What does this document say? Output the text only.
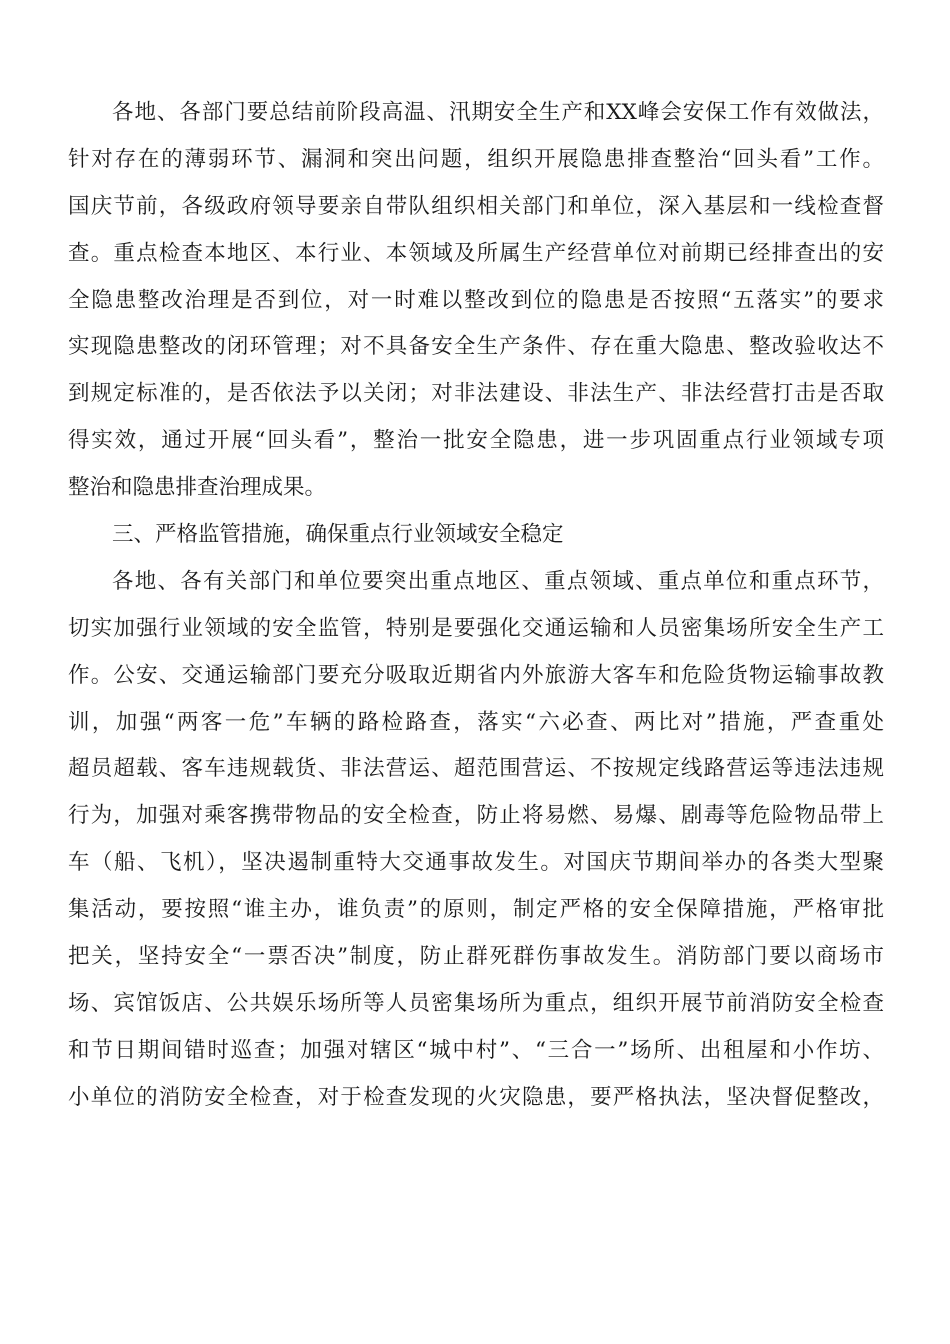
各地、各部门要总结前阶段高温、汛期安全生产和XX峰会安保工作有效做法，
针对存在的薄弱环节、漏洞和突出问题，组织开展隐患排查整治“回头看”工作。
国庆节前，各级政府领导要亲自带队组织相关部门和单位，深入基层和一线检查督
查。重点检查本地区、本行业、本领域及所属生产经营单位对前期已经排查出的安
全隐患整改治理是否到位，对一时难以整改到位的隐患是否按照“五落实”的要求
实现隐患整改的闭环管理；对不具备安全生产条件、存在重大隐患、整改验收达不
到规定标准的，是否依法予以关闭；对非法建设、非法生产、非法经营打击是否取
得实效，通过开展“回头看”，整治一批安全隐患，进一步巩固重点行业领域专项
整治和隐患排查治理成果。
三、严格监管措施，确保重点行业领域安全稳定
各地、各有关部门和单位要突出重点地区、重点领域、重点单位和重点环节，
切实加强行业领域的安全监管，特别是要强化交通运输和人员密集场所安全生产工
作。公安、交通运输部门要充分吸取近期省内外旅游大客车和危险货物运输事故教
训，加强“两客一危”车辆的路检路查，落实“六必查、两比对”措施，严查重处
超员超载、客车违规载货、非法营运、超范围营运、不按规定线路营运等违法违规
行为，加强对乘客携带物品的安全检查，防止将易燃、易爆、剧毒等危险物品带上
车（船、飞机），坚决遏制重特大交通事故发生。对国庆节期间举办的各类大型聚
集活动，要按照“谁主办，谁负责”的原则，制定严格的安全保障措施，严格审批
把关，坚持安全“一票否决”制度，防止群死群伤事故发生。消防部门要以商场市
场、宾馆饭店、公共娱乐场所等人员密集场所为重点，组织开展节前消防安全检查
和节日期间错时巡查；加强对辖区“城中村”、“三合一”场所、出租屋和小作坊、
小单位的消防安全检查，对于检查发现的火灾隐患，要严格执法，坚决督促整改，
